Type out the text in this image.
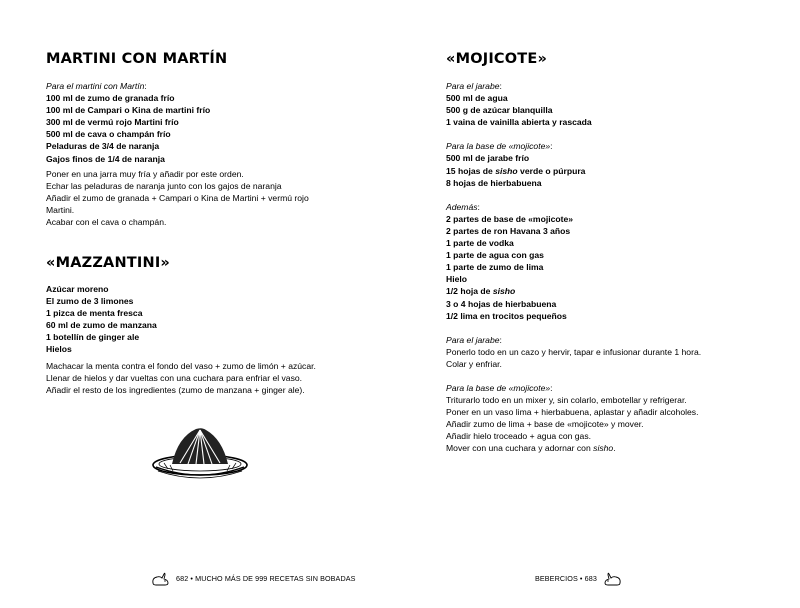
MARTINI CON MARTÍN
Para el martini con Martín:
100 ml de zumo de granada frío
100 ml de Campari o Kina de martini frío
300 ml de vermú rojo Martini frío
500 ml de cava o champán frío
Peladuras de 3/4 de naranja
Gajos finos de 1/4 de naranja
Poner en una jarra muy fría y añadir por este orden.
Echar las peladuras de naranja junto con los gajos de naranja
Añadir el zumo de granada + Campari o Kina de Martini + vermú rojo
Martini.
Acabar con el cava o champán.
«MAZZANTINI»
Azúcar moreno
El zumo de 3 limones
1 pizca de menta fresca
60 ml de zumo de manzana
1 botellín de ginger ale
Hielos
Machacar la menta contra el fondo del vaso + zumo de limón + azúcar.
Llenar de hielos y dar vueltas con una cuchara para enfriar el vaso.
Añadir el resto de los ingredientes (zumo de manzana + ginger ale).
682 • MUCHO MÁS DE 999 RECETAS SIN BOBADAS
«MOJICOTE»
Para el jarabe:
500 ml de agua
500 g de azúcar blanquilla
1 vaina de vainilla abierta y rascada
Para la base de «mojicote»:
500 ml de jarabe frío
15 hojas de sisho verde o púrpura
8 hojas de hierbabuena
Además:
2 partes de base de «mojicote»
2 partes de ron Havana 3 años
1 parte de vodka
1 parte de agua con gas
1 parte de zumo de lima
Hielo
1/2 hoja de sisho
3 o 4 hojas de hierbabuena
1/2 lima en trocitos pequeños
Para el jarabe:
Ponerlo todo en un cazo y hervir, tapar e infusionar durante 1 hora.
Colar y enfriar.
Para la base de «mojicote»:
Triturarlo todo en un mixer y, sin colarlo, embotellar y refrigerar.
Poner en un vaso lima + hierbabuena, aplastar y añadir alcoholes.
Añadir zumo de lima + base de «mojicote» y mover.
Añadir hielo troceado + agua con gas.
Mover con una cuchara y adornar con sisho.
BEBERCIOS • 683
